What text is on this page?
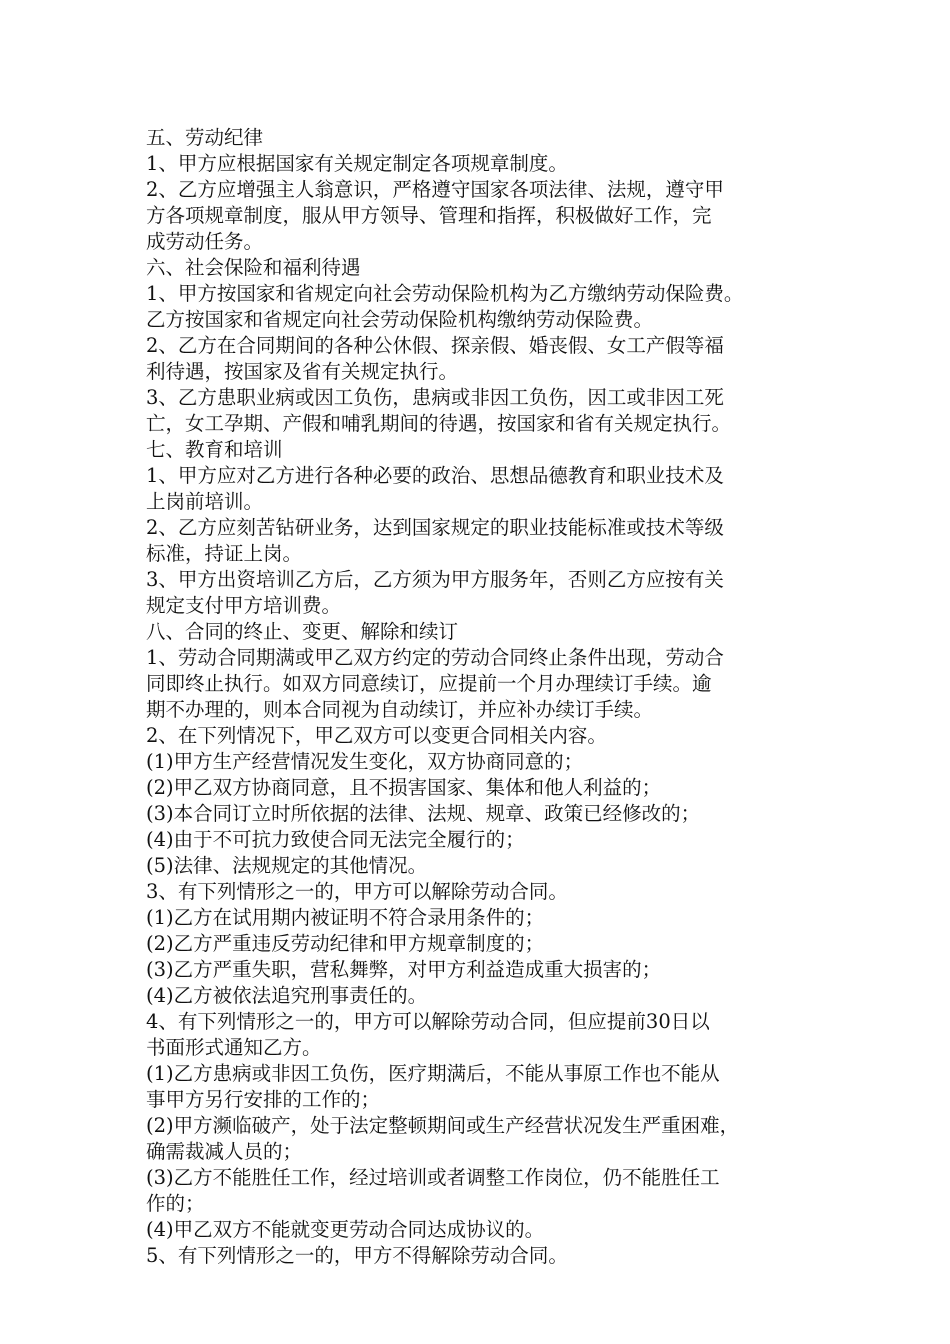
五、劳动纪律
1、甲方应根据国家有关规定制定各项规章制度。
2、乙方应增强主人翁意识，严格遵守国家各项法律、法规，遵守甲
方各项规章制度，服从甲方领导、管理和指挥，积极做好工作，完
成劳动任务。
六、社会保险和福利待遇
1、甲方按国家和省规定向社会劳动保险机构为乙方缴纳劳动保险费。
乙方按国家和省规定向社会劳动保险机构缴纳劳动保险费。
2、乙方在合同期间的各种公休假、探亲假、婚丧假、女工产假等福
利待遇，按国家及省有关规定执行。
3、乙方患职业病或因工负伤，患病或非因工负伤，因工或非因工死
亡，女工孕期、产假和哺乳期间的待遇，按国家和省有关规定执行。
七、教育和培训
1、甲方应对乙方进行各种必要的政治、思想品德教育和职业技术及
上岗前培训。
2、乙方应刻苦钻研业务，达到国家规定的职业技能标准或技术等级
标准，持证上岗。
3、甲方出资培训乙方后，乙方须为甲方服务年，否则乙方应按有关
规定支付甲方培训费。
八、合同的终止、变更、解除和续订
1、劳动合同期满或甲乙双方约定的劳动合同终止条件出现，劳动合
同即终止执行。如双方同意续订，应提前一个月办理续订手续。逾
期不办理的，则本合同视为自动续订，并应补办续订手续。
2、在下列情况下，甲乙双方可以变更合同相关内容。
(1)甲方生产经营情况发生变化，双方协商同意的；
(2)甲乙双方协商同意，且不损害国家、集体和他人利益的；
(3)本合同订立时所依据的法律、法规、规章、政策已经修改的；
(4)由于不可抗力致使合同无法完全履行的；
(5)法律、法规规定的其他情况。
3、有下列情形之一的，甲方可以解除劳动合同。
(1)乙方在试用期内被证明不符合录用条件的；
(2)乙方严重违反劳动纪律和甲方规章制度的；
(3)乙方严重失职，营私舞弊，对甲方利益造成重大损害的；
(4)乙方被依法追究刑事责任的。
4、有下列情形之一的，甲方可以解除劳动合同，但应提前30日以
书面形式通知乙方。
(1)乙方患病或非因工负伤，医疗期满后，不能从事原工作也不能从
事甲方另行安排的工作的；
(2)甲方濒临破产，处于法定整顿期间或生产经营状况发生严重困难，
确需裁减人员的；
(3)乙方不能胜任工作，经过培训或者调整工作岗位，仍不能胜任工
作的；
(4)甲乙双方不能就变更劳动合同达成协议的。
5、有下列情形之一的，甲方不得解除劳动合同。
